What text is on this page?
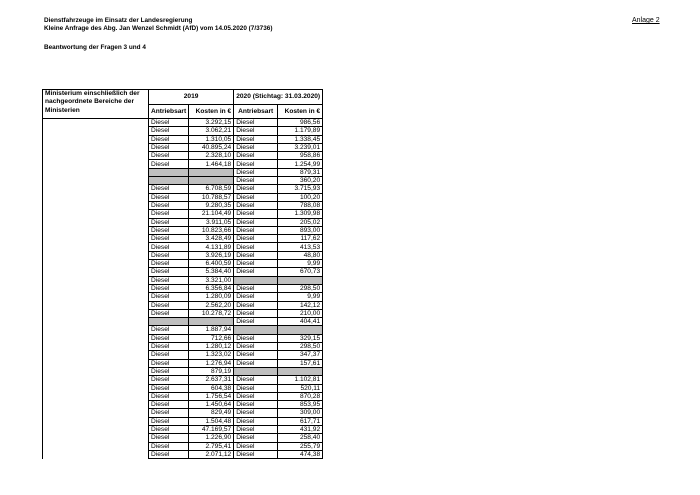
Dienstfahrzeuge im Einsatz der Landesregierung
Kleine Anfrage des Abg. Jan Wenzel Schmidt (AfD) vom 14.05.2020 (7/3736)
Beantwortung der Fragen 3 und 4
Anlage 2
Ministerium einschließlich der nachgeordnete Bereiche der Ministerien	2019		2020 (Stichtag: 31.03.2020)	
	Antriebsart	Kosten in €	Antriebsart	Kosten in €
	Diesel	3.292,15	Diesel	986,56
	Diesel	3.062,21	Diesel	1.179,89
	Diesel	1.310,05	Diesel	1.338,45
	Diesel	40.895,24	Diesel	3.239,01
	Diesel	2.328,10	Diesel	958,86
	Diesel	1.464,18	Diesel	1.254,99
			Diesel	879,31
			Diesel	360,20
	Diesel	6.708,59	Diesel	3.715,93
	Diesel	10.788,57	Diesel	100,20
	Diesel	9.280,35	Diesel	788,08
	Diesel	21.104,49	Diesel	1.309,98
	Diesel	3.911,05	Diesel	205,02
	Diesel	10.823,66	Diesel	893,00
	Diesel	3.428,49	Diesel	117,62
	Diesel	4.131,89	Diesel	413,53
	Diesel	3.926,19	Diesel	48,80
	Diesel	6.400,59	Diesel	9,99
	Diesel	5.384,40	Diesel	670,73
	Diesel	3.321,00		
	Diesel	6.356,84	Diesel	298,50
	Diesel	1.280,09	Diesel	9,99
	Diesel	2.562,20	Diesel	142,12
	Diesel	10.278,72	Diesel	210,00
			Diesel	404,41
	Diesel	1.887,94		
	Diesel	712,66	Diesel	329,15
	Diesel	1.280,12	Diesel	298,50
	Diesel	1.323,02	Diesel	347,37
	Diesel	1.276,94	Diesel	157,61
	Diesel	879,19		
	Diesel	2.637,31	Diesel	1.102,81
	Diesel	604,38	Diesel	520,11
	Diesel	1.756,54	Diesel	870,28
	Diesel	1.450,64	Diesel	853,95
	Diesel	829,49	Diesel	309,00
	Diesel	1.504,48	Diesel	617,71
	Diesel	47.169,57	Diesel	431,92
	Diesel	1.226,90	Diesel	258,40
	Diesel	2.795,41	Diesel	255,79
	Diesel	2.071,12	Diesel	474,38
